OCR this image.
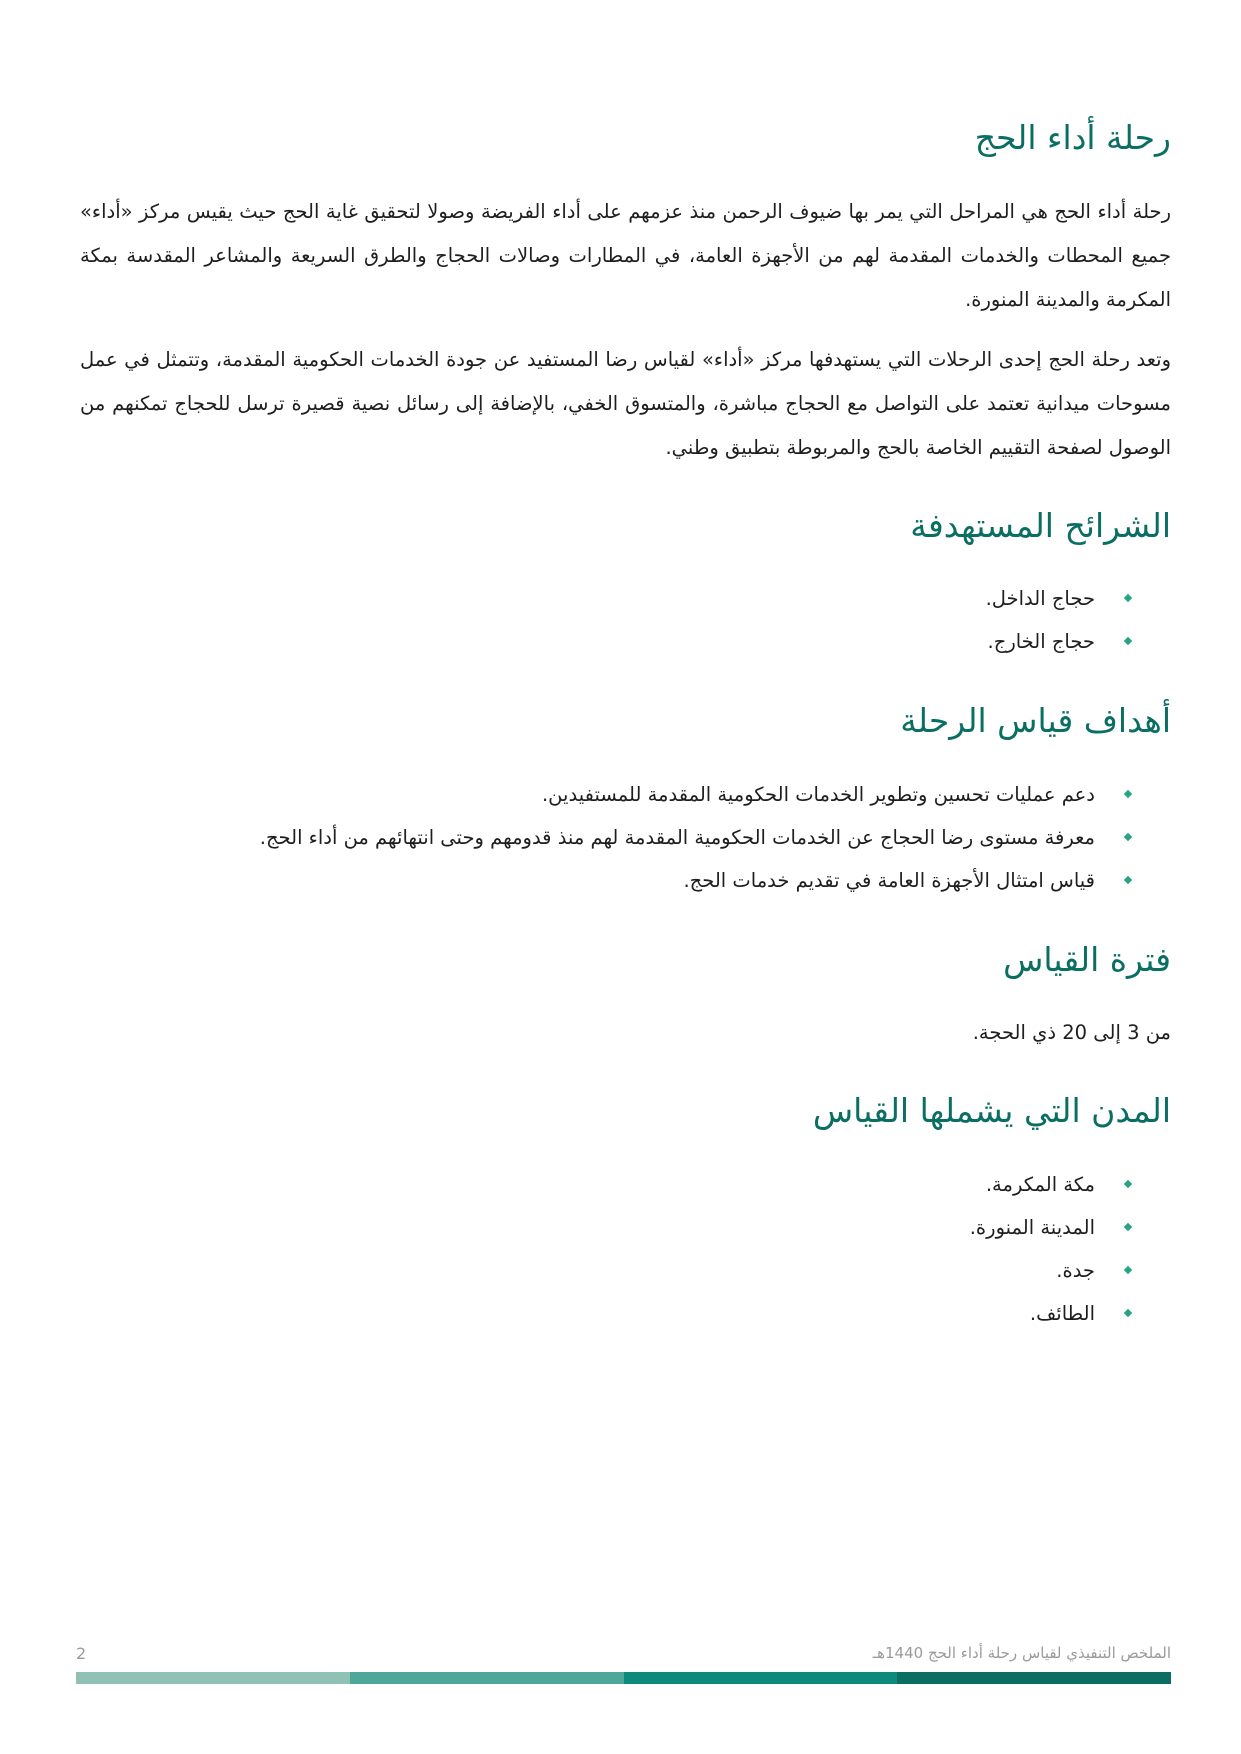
رحلة أداء الحج

رحلة أداء الحج هي المراحل التي يمر بها ضيوف الرحمن منذ عزمهم على أداء الفريضة وصولا لتحقيق غاية الحج حيث يقيس مركز «أداء» جميع المحطات والخدمات المقدمة لهم من الأجهزة العامة، في المطارات وصالات الحجاج والطرق السريعة والمشاعر المقدسة بمكة المكرمة والمدينة المنورة.

وتعد رحلة الحج إحدى الرحلات التي يستهدفها مركز «أداء» لقياس رضا المستفيد عن جودة الخدمات الحكومية المقدمة، وتتمثل في عمل مسوحات ميدانية تعتمد على التواصل مع الحجاج مباشرة، والمتسوق الخفي، بالإضافة إلى رسائل نصية قصيرة ترسل للحجاج تمكنهم من الوصول لصفحة التقييم الخاصة بالحج والمربوطة بتطبيق وطني.

الشرائح المستهدفة
حجاج الداخل.
حجاج الخارج.
أهداف قياس الرحلة
دعم عمليات تحسين وتطوير الخدمات الحكومية المقدمة للمستفيدين.
معرفة مستوى رضا الحجاج عن الخدمات الحكومية المقدمة لهم منذ قدومهم وحتى انتهائهم من أداء الحج.
قياس امتثال الأجهزة العامة في تقديم خدمات الحج.
فترة القياس

من 3 إلى 20 ذي الحجة.

المدن التي يشملها القياس
مكة المكرمة.
المدينة المنورة.
جدة.
الطائف.
الملخص التنفيذي لقياس رحلة أداء الحج 1440هـ
2
